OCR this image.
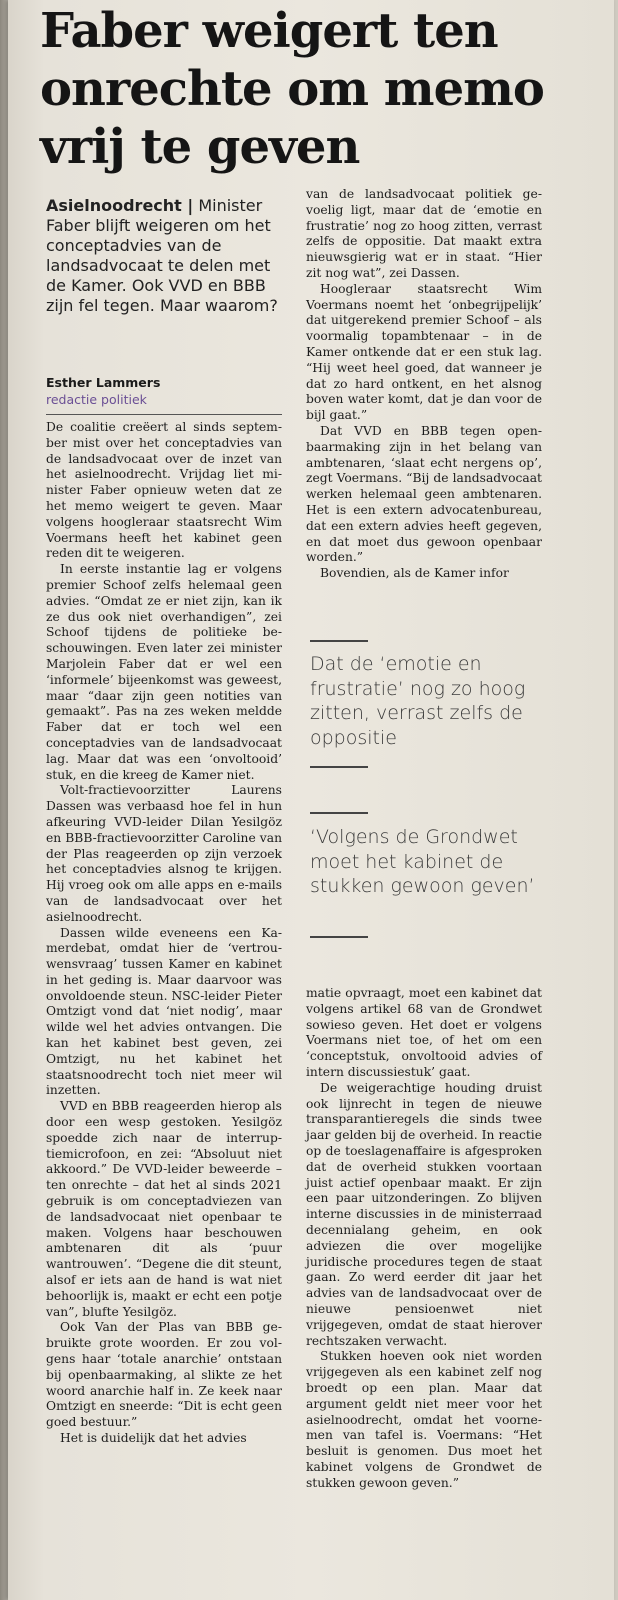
Faber weigert ten onrechte om memo vrij te geven
Asielnoodrecht | Minister Faber blijft weigeren om het conceptadvies van de landsadvocaat te delen met de Kamer. Ook VVD en BBB zijn fel tegen. Maar waarom?
Esther Lammers
redactie politiek

De coalitie creëert al sinds september mist over het conceptadvies van de landsadvocaat over de inzet van het asielnoodrecht. Vrijdag liet minister Faber opnieuw weten dat ze het memo weigert te geven. Maar volgens hoogleraar staatsrecht Wim Voermans heeft het kabinet geen reden dit te weigeren.

In eerste instantie lag er volgens premier Schoof zelfs helemaal geen advies. “Omdat ze er niet zijn, kan ik ze dus ook niet overhandigen”, zei Schoof tijdens de politieke beschouwingen. Even later zei minister Marjolein Faber dat er wel een ‘informele’ bijeenkomst was geweest, maar “daar zijn geen notities van gemaakt”. Pas na zes weken meldde Faber dat er toch wel een conceptadvies van de landsadvocaat lag. Maar dat was een ‘onvoltooid’ stuk, en die kreeg de Kamer niet.

Volt-fractievoorzitter Laurens Dassen was verbaasd hoe fel in hun afkeuring VVD-leider Dilan Yesilgöz en BBB-fractievoorzitter Caroline van der Plas reageerden op zijn verzoek het conceptadvies alsnog te krijgen. Hij vroeg ook om alle apps en e-mails van de landsadvocaat over het asielnoodrecht.

Dassen wilde eveneens een Kamerdebat, omdat hier de ‘vertrouwensvraag’ tussen Kamer en kabinet in het geding is. Maar daarvoor was onvoldoende steun. NSC-leider Pieter Omtzigt vond dat ‘niet nodig’, maar wilde wel het advies ontvangen. Die kan het kabinet best geven, zei Omtzigt, nu het kabinet het staatsnoodrecht toch niet meer wil inzetten.

VVD en BBB reageerden hierop als door een wesp gestoken. Yesilgöz spoedde zich naar de interruptiemicrofoon, en zei: “Absoluut niet akkoord.” De VVD-leider beweerde – ten onrechte – dat het al sinds 2021 gebruik is om conceptadviezen van de landsadvocaat niet openbaar te maken. Volgens haar beschouwen ambtenaren dit als ‘puur wantrouwen’. “Degene die dit steunt, alsof er iets aan de hand is wat niet behoorlijk is, maakt er echt een potje van”, blufte Yesilgöz.

Ook Van der Plas van BBB gebruikte grote woorden. Er zou volgens haar ‘totale anarchie’ ontstaan bij openbaarmaking, al slikte ze het woord anarchie half in. Ze keek naar Omtzigt en sneerde: “Dit is echt geen goed bestuur.”

Het is duidelijk dat het advies

van de landsadvocaat politiek gevoelig ligt, maar dat de ‘emotie en frustratie’ nog zo hoog zitten, verrast zelfs de oppositie. Dat maakt extra nieuwsgierig wat er in staat. “Hier zit nog wat”, zei Dassen.

Hoogleraar staatsrecht Wim Voermans noemt het ‘onbegrijpelijk’ dat uitgerekend premier Schoof – als voormalig topambtenaar – in de Kamer ontkende dat er een stuk lag. “Hij weet heel goed, dat wanneer je dat zo hard ontkent, en het alsnog boven water komt, dat je dan voor de bijl gaat.”

Dat VVD en BBB tegen openbaarmaking zijn in het belang van ambtenaren, ‘slaat echt nergens op’, zegt Voermans. “Bij de landsadvocaat werken helemaal geen ambtenaren. Het is een extern advocatenbureau, dat een extern advies heeft gegeven, en dat moet dus gewoon openbaar worden.”

Bovendien, als de Kamer infor

Dat de ‘emotie en frustratie’ nog zo hoog zitten, verrast zelfs de oppositie
‘Volgens de Grondwet moet het kabinet de stukken gewoon geven’

matie opvraagt, moet een kabinet dat volgens artikel 68 van de Grondwet sowieso geven. Het doet er volgens Voermans niet toe, of het om een ‘conceptstuk, onvoltooid advies of intern discussiestuk’ gaat.

De weigerachtige houding druist ook lijnrecht in tegen de nieuwe transparantieregels die sinds twee jaar gelden bij de overheid. In reactie op de toeslagenaffaire is afgesproken dat de overheid stukken voortaan juist actief openbaar maakt. Er zijn een paar uitzonderingen. Zo blijven interne discussies in de ministerraad decennialang geheim, en ook adviezen die over mogelijke juridische procedures tegen de staat gaan. Zo werd eerder dit jaar het advies van de landsadvocaat over de nieuwe pensioenwet niet vrijgegeven, omdat de staat hierover rechtszaken verwacht.

Stukken hoeven ook niet worden vrijgegeven als een kabinet zelf nog broedt op een plan. Maar dat argument geldt niet meer voor het asielnoodrecht, omdat het voornemen van tafel is. Voermans: “Het besluit is genomen. Dus moet het kabinet volgens de Grondwet de stukken gewoon geven.”
